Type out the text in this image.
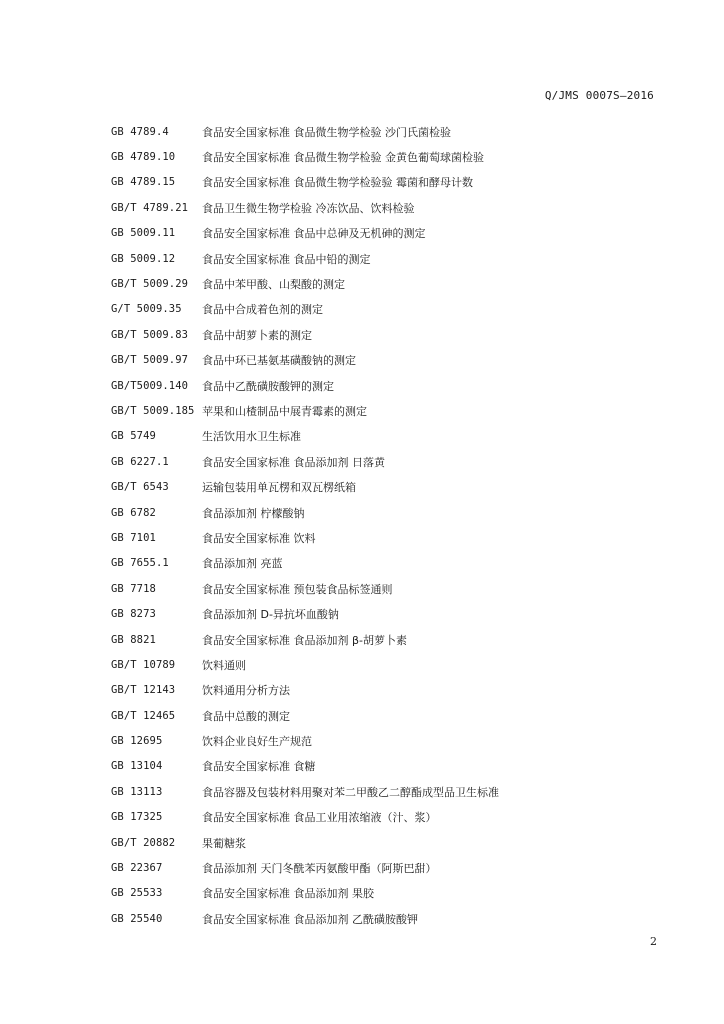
Q/JMS 0007S—2016
GB 4789.4	食品安全国家标准 食品微生物学检验 沙门氏菌检验
GB 4789.10	食品安全国家标准 食品微生物学检验 金黄色葡萄球菌检验
GB 4789.15	食品安全国家标准 食品微生物学检验验 霉菌和酵母计数
GB/T 4789.21	食品卫生微生物学检验 冷冻饮品、饮料检验
GB 5009.11	食品安全国家标准 食品中总砷及无机砷的测定
GB 5009.12	食品安全国家标准 食品中铅的测定
GB/T 5009.29	食品中苯甲酸、山梨酸的测定
G/T 5009.35	食品中合成着色剂的测定
GB/T 5009.83	食品中胡萝卜素的测定
GB/T 5009.97	食品中环已基氨基磺酸钠的测定
GB/T5009.140	食品中乙酰磺胺酸钾的测定
GB/T 5009.185 苹果和山楂制品中展青霉素的测定
GB 5749	生活饮用水卫生标准
GB 6227.1	食品安全国家标准 食品添加剂 日落黄
GB/T 6543	运输包装用单瓦楞和双瓦楞纸箱
GB 6782	食品添加剂 柠檬酸钠
GB 7101	食品安全国家标准 饮料
GB 7655.1	食品添加剂 亮蓝
GB 7718	食品安全国家标准 预包装食品标签通则
GB 8273	食品添加剂 D-异抗坏血酸钠
GB 8821	食品安全国家标准 食品添加剂 β-胡萝卜素
GB/T 10789	饮料通则
GB/T 12143	饮料通用分析方法
GB/T 12465	食品中总酸的测定
GB 12695	饮料企业良好生产规范
GB 13104	食品安全国家标准 食糖
GB 13113	食品容器及包装材料用聚对苯二甲酸乙二醇酯成型品卫生标准
GB 17325	食品安全国家标准 食品工业用浓缩液（汁、浆）
GB/T 20882	果葡糖浆
GB 22367	食品添加剂 天门冬酰苯丙氨酸甲酯（阿斯巴甜）
GB 25533	食品安全国家标准 食品添加剂 果胶
GB 25540	食品安全国家标准 食品添加剂 乙酰磺胺酸钾
2
